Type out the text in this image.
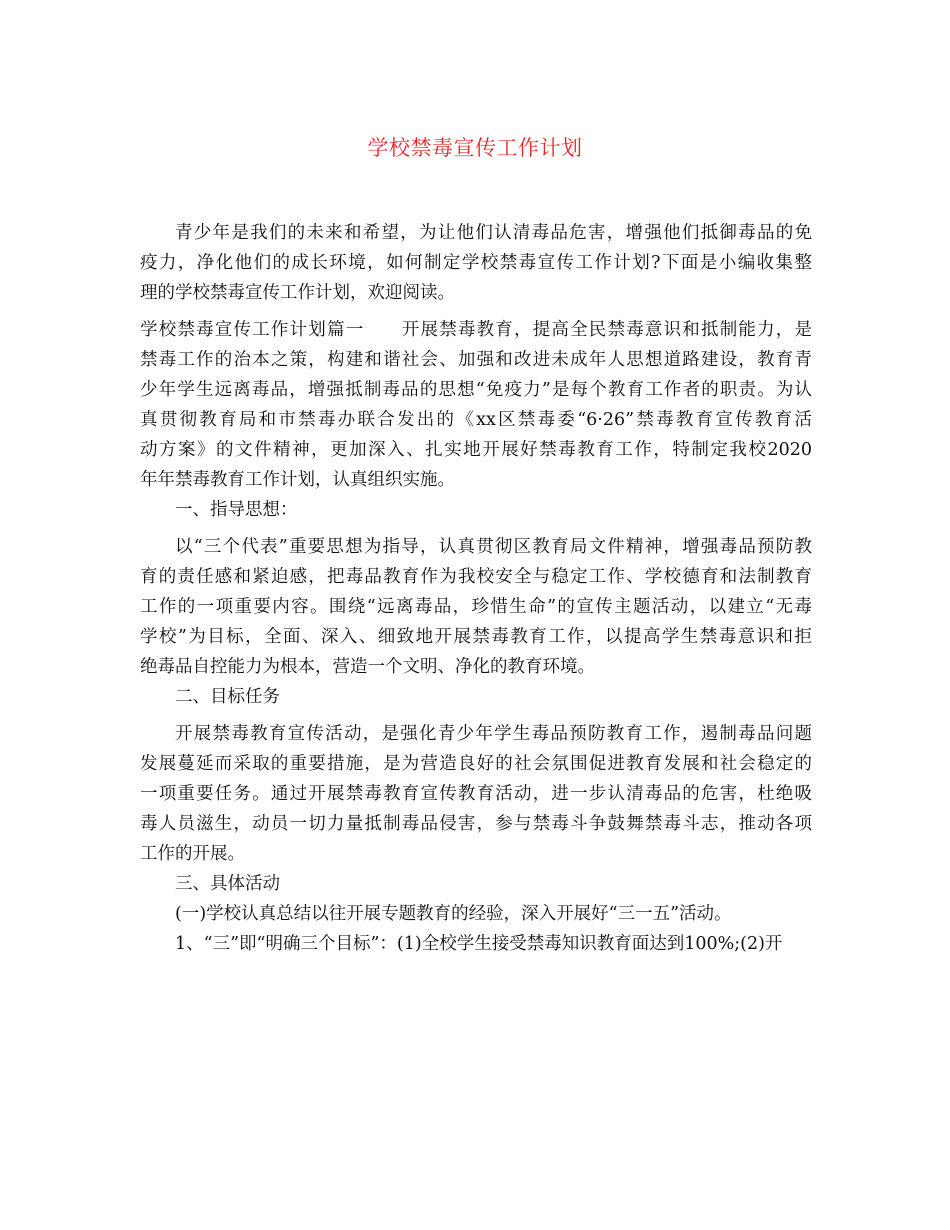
学校禁毒宣传工作计划

青少年是我们的未来和希望，为让他们认清毒品危害，增强他们抵御毒品的免
疫力，净化他们的成长环境，如何制定学校禁毒宣传工作计划?下面是小编收集整
理的学校禁毒宣传工作计划，欢迎阅读。

学校禁毒宣传工作计划篇一　　开展禁毒教育，提高全民禁毒意识和抵制能力，是
禁毒工作的治本之策，构建和谐社会、加强和改进未成年人思想道路建设，教育青
少年学生远离毒品，增强抵制毒品的思想“免疫力”是每个教育工作者的职责。为认
真贯彻教育局和市禁毒办联合发出的《xx区禁毒委“6·26”禁毒教育宣传教育活
动方案》的文件精神，更加深入、扎实地开展好禁毒教育工作，特制定我校2020
年年禁毒教育工作计划，认真组织实施。

一、指导思想：

以“三个代表”重要思想为指导，认真贯彻区教育局文件精神，增强毒品预防教
育的责任感和紧迫感，把毒品教育作为我校安全与稳定工作、学校德育和法制教育
工作的一项重要内容。围绕“远离毒品，珍惜生命”的宣传主题活动，以建立“无毒
学校”为目标，全面、深入、细致地开展禁毒教育工作，以提高学生禁毒意识和拒
绝毒品自控能力为根本，营造一个文明、净化的教育环境。

二、目标任务

开展禁毒教育宣传活动，是强化青少年学生毒品预防教育工作，遏制毒品问题
发展蔓延而采取的重要措施，是为营造良好的社会氛围促进教育发展和社会稳定的
一项重要任务。通过开展禁毒教育宣传教育活动，进一步认清毒品的危害，杜绝吸
毒人员滋生，动员一切力量抵制毒品侵害，参与禁毒斗争鼓舞禁毒斗志，推动各项
工作的开展。

三、具体活动

(一)学校认真总结以往开展专题教育的经验，深入开展好“三一五”活动。

1、“三”即“明确三个目标”：(1)全校学生接受禁毒知识教育面达到100%;(2)开
